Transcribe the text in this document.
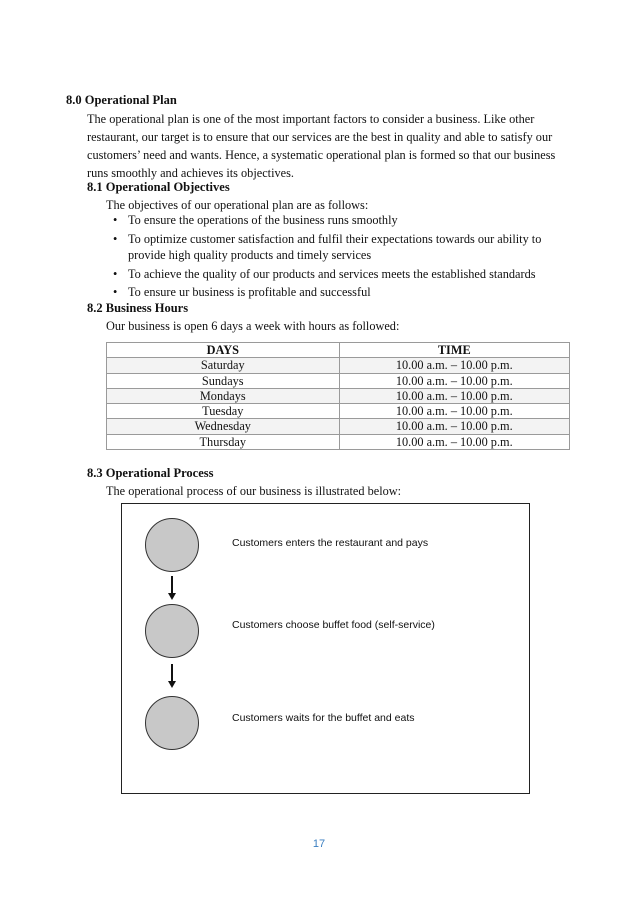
8.0 Operational Plan
The operational plan is one of the most important factors to consider a business. Like other restaurant, our target is to ensure that our services are the best in quality and able to satisfy our customers’ need and wants. Hence, a systematic operational plan is formed so that our business runs smoothly and achieves its objectives.
8.1 Operational Objectives
The objectives of our operational plan are as follows:
• To ensure the operations of the business runs smoothly
• To optimize customer satisfaction and fulfil their expectations towards our ability to provide high quality products and timely services
• To achieve the quality of our products and services meets the established standards
• To ensure ur business is profitable and successful
8.2 Business Hours
Our business is open 6 days a week with hours as followed:
DAYS	TIME
Saturday	10.00 a.m. – 10.00 p.m.
Sundays	10.00 a.m. – 10.00 p.m.
Mondays	10.00 a.m. – 10.00 p.m.
Tuesday	10.00 a.m. – 10.00 p.m.
Wednesday	10.00 a.m. – 10.00 p.m.
Thursday	10.00 a.m. – 10.00 p.m.
8.3 Operational Process
The operational process of our business is illustrated below:
Customers enters the restaurant and pays
Customers choose buffet food (self-service)
Customers waits for the buffet and eats
17
